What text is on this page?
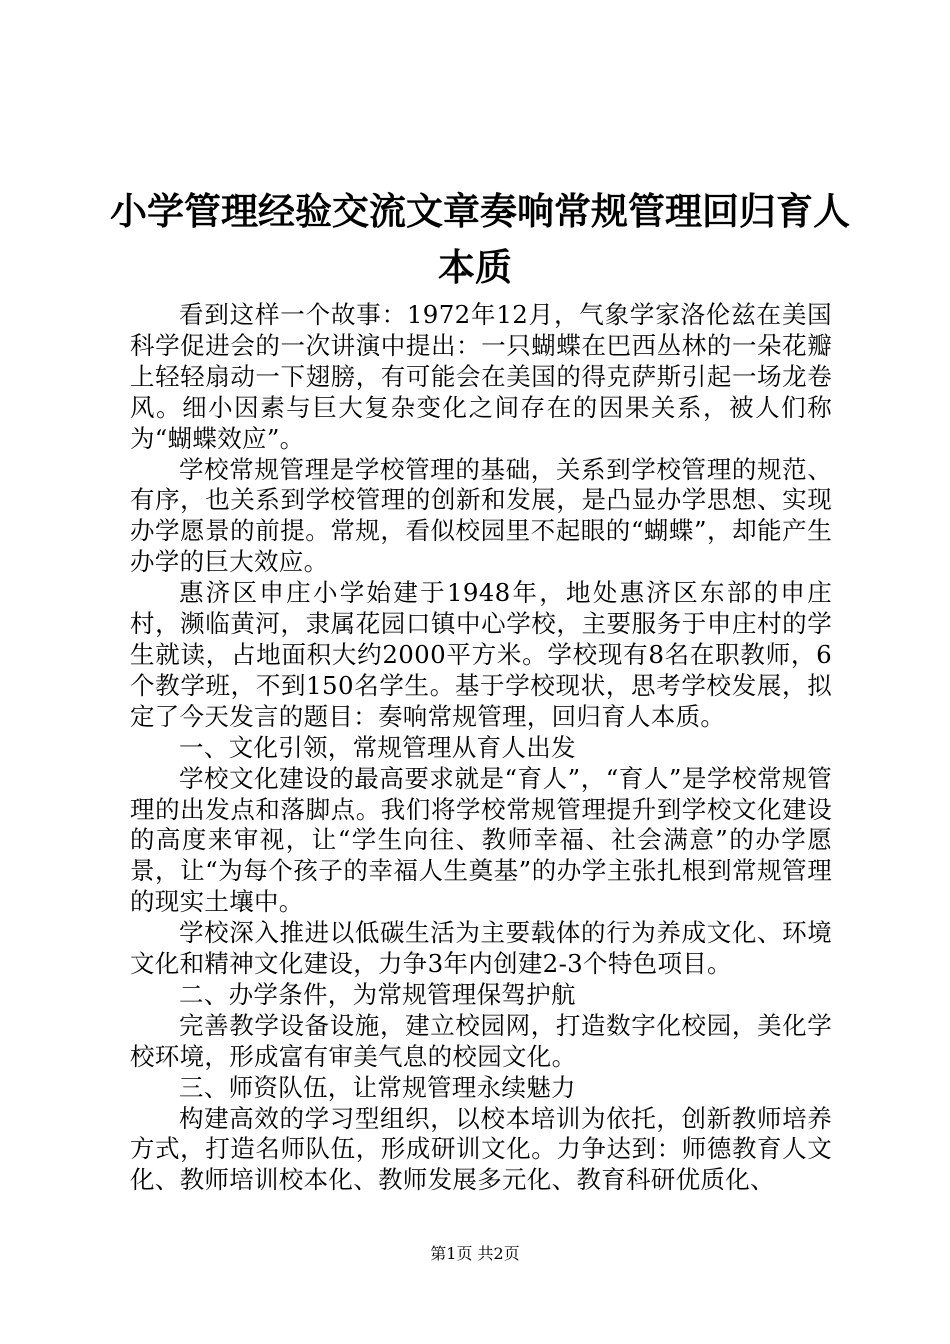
小学管理经验交流文章奏响常规管理回归育人
本质

看到这样一个故事：1972年12月，气象学家洛伦兹在美国科学促进会的一次讲演中提出：一只蝴蝶在巴西丛林的一朵花瓣上轻轻扇动一下翅膀，有可能会在美国的得克萨斯引起一场龙卷风。细小因素与巨大复杂变化之间存在的因果关系，被人们称为“蝴蝶效应”。

学校常规管理是学校管理的基础，关系到学校管理的规范、有序，也关系到学校管理的创新和发展，是凸显办学思想、实现办学愿景的前提。常规，看似校园里不起眼的“蝴蝶”，却能产生办学的巨大效应。

惠济区申庄小学始建于1948年，地处惠济区东部的申庄村，濒临黄河，隶属花园口镇中心学校，主要服务于申庄村的学生就读，占地面积大约2000平方米。学校现有8名在职教师，6个教学班，不到150名学生。基于学校现状，思考学校发展，拟定了今天发言的题目：奏响常规管理，回归育人本质。

一、文化引领，常规管理从育人出发

学校文化建设的最高要求就是“育人”，“育人”是学校常规管理的出发点和落脚点。我们将学校常规管理提升到学校文化建设的高度来审视，让“学生向往、教师幸福、社会满意”的办学愿景，让“为每个孩子的幸福人生奠基”的办学主张扎根到常规管理的现实土壤中。

学校深入推进以低碳生活为主要载体的行为养成文化、环境文化和精神文化建设，力争3年内创建2-3个特色项目。

二、办学条件，为常规管理保驾护航

完善教学设备设施，建立校园网，打造数字化校园，美化学校环境，形成富有审美气息的校园文化。

三、师资队伍，让常规管理永续魅力

构建高效的学习型组织，以校本培训为依托，创新教师培养方式，打造名师队伍，形成研训文化。力争达到：师德教育人文化、教师培训校本化、教师发展多元化、教育科研优质化、

第1页 共2页
